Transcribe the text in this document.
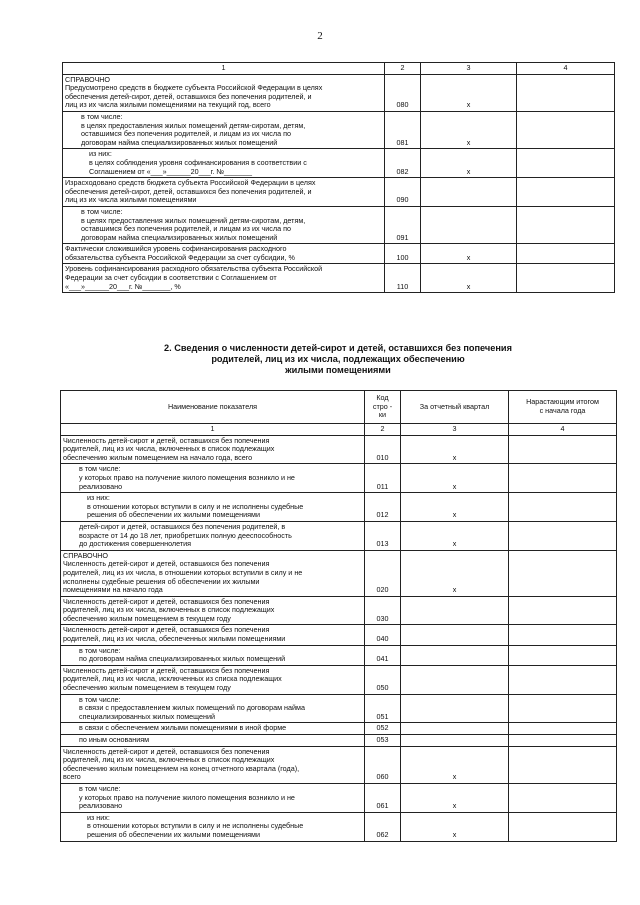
2
1	2	3	4

СПРАВОЧНО
Предусмотрено средств в бюджете субъекта Российской Федерации в целях
обеспечения детей-сирот, детей, оставшихся без попечения родителей, и
лиц из их числа жилыми помещениями на текущий год, всего	080	x	

в том числе:
в целях предоставления жилых помещений детям-сиротам, детям,
оставшимся без попечения родителей, и лицам из их числа по
договорам найма специализированных жилых помещений	081	x	

из них:
в целях соблюдения уровня софинансирования в соответствии с
Соглашением от «___»______20___г. №_______	082	x	

Израсходовано средств бюджета субъекта Российской Федерации в целях
обеспечения детей-сирот, детей, оставшихся без попечения родителей, и
лиц из их числа жилыми помещениями	090		

в том числе:
в целях предоставления жилых помещений детям-сиротам, детям,
оставшимся без попечения родителей, и лицам из их числа по
договорам найма специализированных жилых помещений	091		

Фактически сложившийся уровень софинансирования расходного
обязательства субъекта Российской Федерации за счет субсидии, %	100	x	

Уровень софинансирования расходного обязательства субъекта Российской
Федерации за счет субсидии в соответствии с Соглашением от
«___»______20___г. №_______, %	110	x	
2. Сведения о численности детей-сирот и детей, оставшихся без попечения
родителей, лиц из их числа, подлежащих обеспечению
жилыми помещениями
Наименование показателя	Код
стро -
ки	За отчетный квартал	Нарастающим итогом
с начала года

1	2	3	4

Численность детей-сирот и детей, оставшихся без попечения
родителей, лиц из их числа, включенных в список подлежащих
обеспечению жилым помещением на начало года, всего	010	x	

в том числе:
у которых право на получение жилого помещения возникло и не
реализовано	011	x	

из них:
в отношении которых вступили в силу и не исполнены судебные
решения об обеспечении их жилыми помещениями	012	x	

детей-сирот и детей, оставшихся без попечения родителей, в
возрасте от 14 до 18 лет, приобретших полную дееспособность
до достижения совершеннолетия	013	x	

СПРАВОЧНО
Численность детей-сирот и детей, оставшихся без попечения
родителей, лиц из их числа, в отношении которых вступили в силу и не
исполнены судебные решения об обеспечении их жилыми
помещениями на начало года	020	x	

Численность детей-сирот и детей, оставшихся без попечения
родителей, лиц из их числа, включенных в список подлежащих
обеспечению жилым помещением в текущем году	030		

Численность детей-сирот и детей, оставшихся без попечения
родителей, лиц из их числа, обеспеченных жилыми помещениями	040		

в том числе:
по договорам найма специализированных жилых помещений	041		

Численность детей-сирот и детей, оставшихся без попечения
родителей, лиц из их числа, исключенных из списка подлежащих
обеспечению жилым помещением в текущем году	050		

в том числе:
в связи с предоставлением жилых помещений по договорам найма
специализированных жилых помещений	051		

в связи с обеспечением жилыми помещениями в иной форме	052		

по иным основаниям	053		

Численность детей-сирот и детей, оставшихся без попечения
родителей, лиц из их числа, включенных в список подлежащих
обеспечению жилым помещением на конец отчетного квартала (года),
всего	060	x	

в том числе:
у которых право на получение жилого помещения возникло и не
реализовано	061	x	

из них:
в отношении которых вступили в силу и не исполнены судебные
решения об обеспечении их жилыми помещениями	062	x	
